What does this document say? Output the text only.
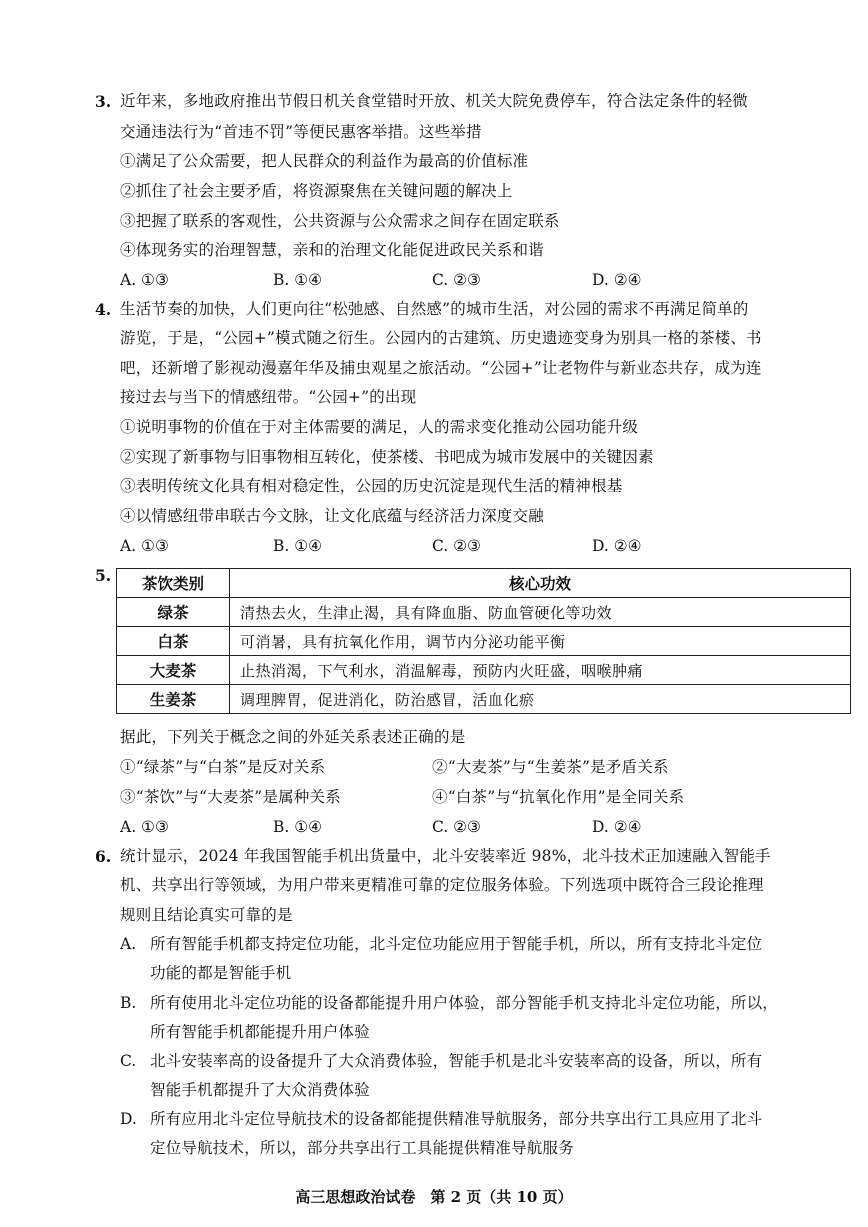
3. 近年来，多地政府推出节假日机关食堂错时开放、机关大院免费停车，符合法定条件的轻微
交通违法行为“首违不罚”等便民惠客举措。这些举措
①满足了公众需要，把人民群众的利益作为最高的价值标准
②抓住了社会主要矛盾，将资源聚焦在关键问题的解决上
③把握了联系的客观性，公共资源与公众需求之间存在固定联系
④体现务实的治理智慧，亲和的治理文化能促进政民关系和谐
A. ①③	B. ①④	C. ②③	D. ②④
4. 生活节奏的加快，人们更向往“松弛感、自然感”的城市生活，对公园的需求不再满足简单的
游览，于是，“公园+”模式随之衍生。公园内的古建筑、历史遗迹变身为别具一格的茶楼、书
吧，还新增了影视动漫嘉年华及捕虫观星之旅活动。“公园+”让老物件与新业态共存，成为连
接过去与当下的情感纽带。“公园+”的出现
①说明事物的价值在于对主体需要的满足，人的需求变化推动公园功能升级
②实现了新事物与旧事物相互转化，使茶楼、书吧成为城市发展中的关键因素
③表明传统文化具有相对稳定性，公园的历史沉淀是现代生活的精神根基
④以情感纽带串联古今文脉，让文化底蕴与经济活力深度交融
A. ①③	B. ①④	C. ②③	D. ②④
5. 茶饮类别	核心功效
绿茶	清热去火，生津止渴，具有降血脂、防血管硬化等功效
白茶	可消暑，具有抗氧化作用，调节内分泌功能平衡
大麦茶	止热消渴，下气利水，消温解毒，预防内火旺盛，咽喉肿痛
生姜茶	调理脾胃，促进消化，防治感冒，活血化瘀
据此，下列关于概念之间的外延关系表述正确的是
①“绿茶”与“白茶”是反对关系	②“大麦茶”与“生姜茶”是矛盾关系
③“茶饮”与“大麦茶”是属种关系	④“白茶”与“抗氧化作用”是全同关系
A. ①③	B. ①④	C. ②③	D. ②④
6. 统计显示，2024 年我国智能手机出货量中，北斗安装率近 98%，北斗技术正加速融入智能手
机、共享出行等领域，为用户带来更精准可靠的定位服务体验。下列选项中既符合三段论推理
规则且结论真实可靠的是
A. 所有智能手机都支持定位功能，北斗定位功能应用于智能手机，所以，所有支持北斗定位
功能的都是智能手机
B. 所有使用北斗定位功能的设备都能提升用户体验，部分智能手机支持北斗定位功能，所以，
所有智能手机都能提升用户体验
C. 北斗安装率高的设备提升了大众消费体验，智能手机是北斗安装率高的设备，所以，所有
智能手机都提升了大众消费体验
D. 所有应用北斗定位导航技术的设备都能提供精准导航服务，部分共享出行工具应用了北斗
定位导航技术，所以，部分共享出行工具能提供精准导航服务
高三思想政治试卷　第 2 页（共 10 页）
